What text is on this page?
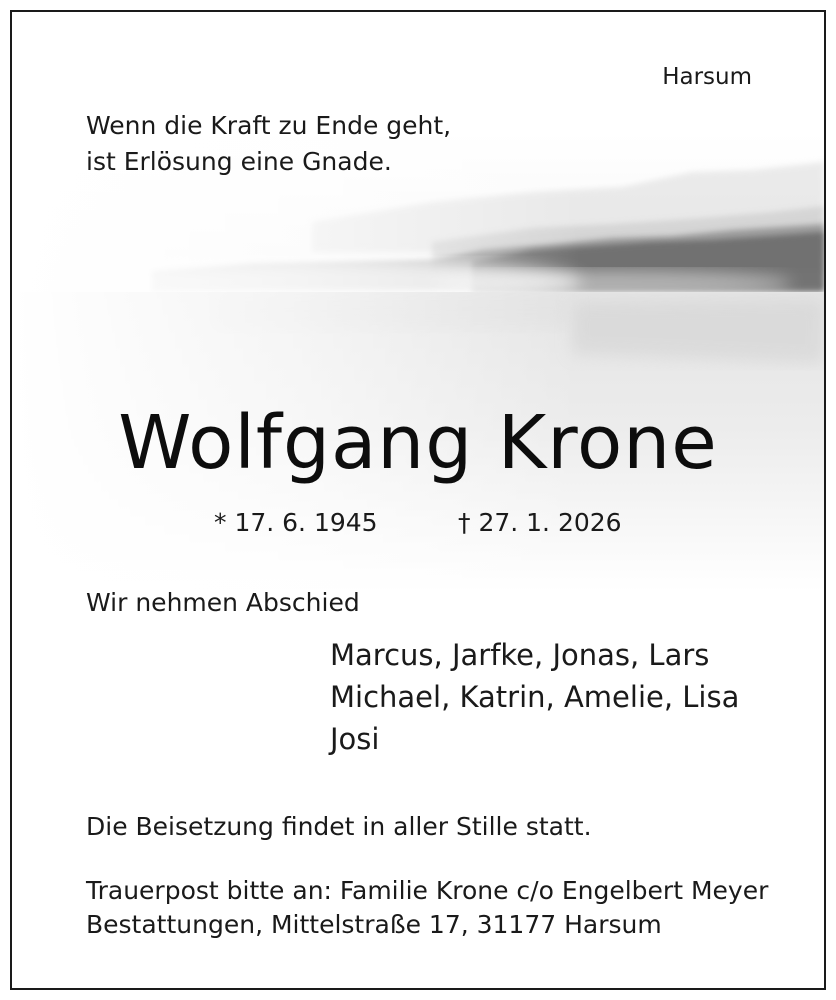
Harsum
Wenn die Kraft zu Ende geht,
ist Erlösung eine Gnade.
Wolfgang Krone
* 17. 6. 1945	† 27. 1. 2026
Wir nehmen Abschied
Marcus, Jarfke, Jonas, Lars
Michael, Katrin, Amelie, Lisa
Josi
Die Beisetzung findet in aller Stille statt.
Trauerpost bitte an: Familie Krone c/o Engelbert Meyer
Bestattungen, Mittelstraße 17, 31177 Harsum
